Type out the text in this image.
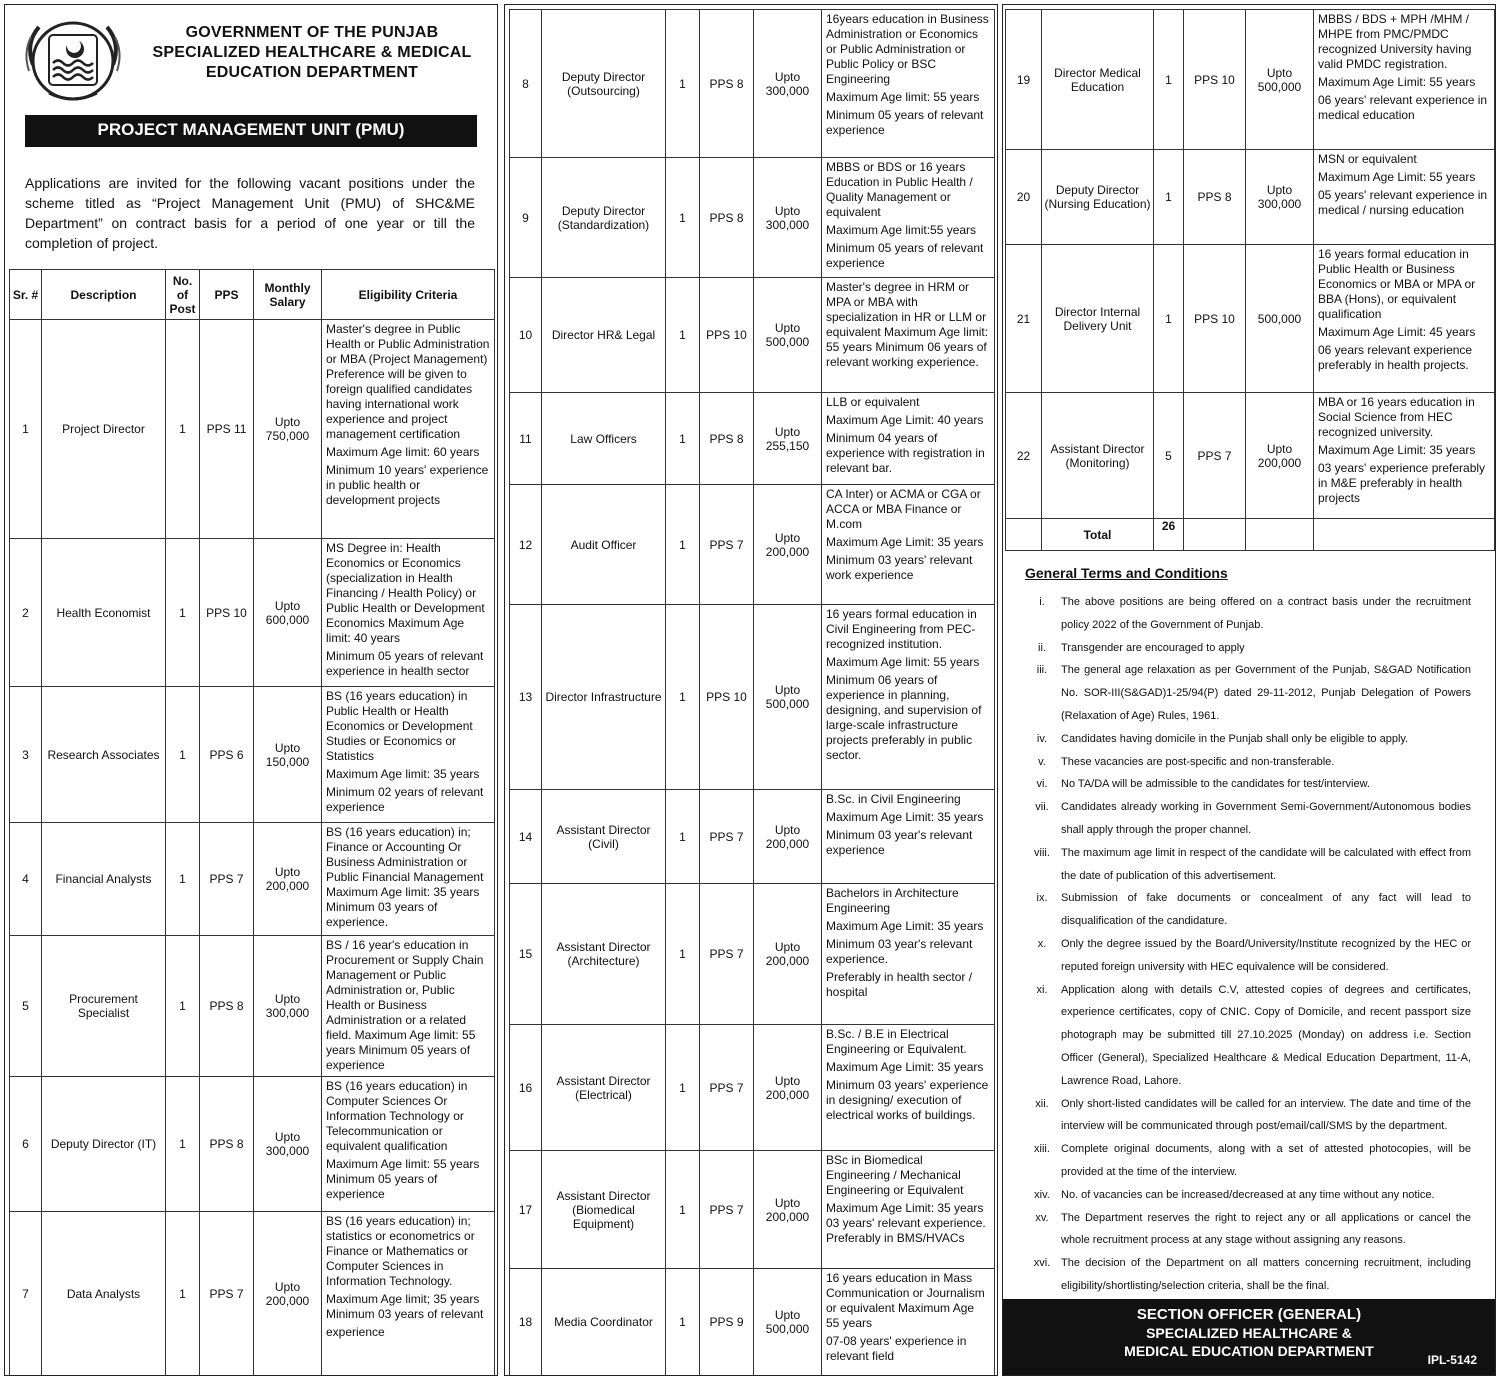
GOVERNMENT OF THE PUNJAB
SPECIALIZED HEALTHCARE & MEDICAL
EDUCATION DEPARTMENT
PROJECT MANAGEMENT UNIT (PMU)
Applications are invited for the following vacant positions under the scheme titled as “Project Management Unit (PMU) of SHC&ME Department” on contract basis for a period of one year or till the completion of project.
Sr. #	Description	No. of Post	PPS	Monthly Salary	Eligibility Criteria
1	Project Director	1	PPS 11	Upto 750,000	Master's degree in Public Health or Public Administration or MBA (Project Management) Preference will be given to foreign qualified candidates having international work experience and project management certification
Maximum Age limit: 60 years
Minimum 10 years' experience in public health or development projects

2	Health Economist	1	PPS 10	Upto 600,000	MS Degree in: Health Economics or Economics (specialization in Health Financing / Health Policy) or Public Health or Development Economics Maximum Age limit: 40 years
Minimum 05 years of relevant experience in health sector

3	Research Associates	1	PPS 6	Upto 150,000	BS (16 years education) in Public Health or Health Economics or Development Studies or Economics or Statistics
Maximum Age limit: 35 years
Minimum 02 years of relevant experience

4	Financial Analysts	1	PPS 7	Upto 200,000	BS (16 years education) in; Finance or Accounting Or Business Administration or Public Financial Management Maximum Age limit: 35 years Minimum 03 years of experience.

5	Procurement Specialist	1	PPS 8	Upto 300,000	BS / 16 year's education in Procurement or Supply Chain Management or Public Administration or, Public Health or Business Administration or a related field. Maximum Age limit: 55 years Minimum 05 years of experience

6	Deputy Director (IT)	1	PPS 8	Upto 300,000	BS (16 years education) in Computer Sciences Or Information Technology or Telecommunication or equivalent qualification
Maximum Age limit: 55 years Minimum 05 years of experience

7	Data Analysts	1	PPS 7	Upto 200,000	BS (16 years education) in; statistics or econometrics or Finance or Mathematics or Computer Sciences in Information Technology.
Maximum Age limit; 35 years Minimum 03 years of relevant
experience
8	Deputy Director (Outsourcing)	1	PPS 8	Upto 300,000	16years education in Business Administration or Economics or Public Administration or Public Policy or BSC Engineering
Maximum Age limit: 55 years
Minimum 05 years of relevant experience

9	Deputy Director (Standardization)	1	PPS 8	Upto 300,000	MBBS or BDS or 16 years Education in Public Health / Quality Management or equivalent
Maximum Age limit:55 years
Minimum 05 years of relevant experience

10	Director HR& Legal	1	PPS 10	Upto 500,000	Master's degree in HRM or MPA or MBA with specialization in HR or LLM or equivalent Maximum Age limit: 55 years Minimum 06 years of relevant working experience.

11	Law Officers	1	PPS 8	Upto 255,150	LLB or equivalent
Maximum Age Limit: 40 years
Minimum 04 years of experience with registration in relevant bar.

12	Audit Officer	1	PPS 7	Upto 200,000	CA Inter) or ACMA or CGA or ACCA or MBA Finance or M.com
Maximum Age Limit: 35 years
Minimum 03 years' relevant work experience

13	Director Infrastructure	1	PPS 10	Upto 500,000	16 years formal education in Civil Engineering from PEC-recognized institution.
Maximum Age limit: 55 years
Minimum 06 years of experience in planning, designing, and supervision of large-scale infrastructure projects preferably in public sector.

14	Assistant Director (Civil)	1	PPS 7	Upto 200,000	B.Sc. in Civil Engineering
Maximum Age Limit: 35 years
Minimum 03 year's relevant experience

15	Assistant Director (Architecture)	1	PPS 7	Upto 200,000	Bachelors in Architecture Engineering
Maximum Age Limit: 35 years
Minimum 03 year's relevant experience.
Preferably in health sector / hospital

16	Assistant Director (Electrical)	1	PPS 7	Upto 200,000	B.Sc. / B.E in Electrical Engineering or Equivalent.
Maximum Age Limit: 35 years
Minimum 03 years' experience in designing/ execution of electrical works of buildings.

17	Assistant Director (Biomedical Equipment)	1	PPS 7	Upto 200,000	BSc in Biomedical Engineering / Mechanical Engineering or Equivalent
Maximum Age Limit: 35 years 03 years' relevant experience. Preferably in BMS/HVACs

18	Media Coordinator	1	PPS 9	Upto 500,000	16 years education in Mass Communication or Journalism or equivalent Maximum Age 55 years
07-08 years' experience in relevant field
19	Director Medical Education	1	PPS 10	Upto 500,000	MBBS / BDS + MPH /MHM / MHPE from PMC/PMDC recognized University having valid PMDC registration.
Maximum Age Limit: 55 years
06 years' relevant experience in medical education

20	Deputy Director (Nursing Education)	1	PPS 8	Upto 300,000	MSN or equivalent
Maximum Age Limit: 55 years
05 years' relevant experience in medical / nursing education

21	Director Internal Delivery Unit	1	PPS 10	500,000	16 years formal education in Public Health or Business Economics or MBA or MPA or BBA (Hons), or equivalent qualification
Maximum Age Limit: 45 years
06 years relevant experience preferably in health projects.

22	Assistant Director (Monitoring)	5	PPS 7	Upto 200,000	MBA or 16 years education in Social Science from HEC recognized university.
Maximum Age Limit: 35 years
03 years' experience preferably in M&E preferably in health projects

	Total	26			
General Terms and Conditions
i.	The above positions are being offered on a contract basis under the recruitment policy 2022 of the Government of Punjab.
ii.	Transgender are encouraged to apply
iii.	The general age relaxation as per Government of the Punjab, S&GAD Notification No. SOR-III(S&GAD)1-25/94(P) dated 29-11-2012, Punjab Delegation of Powers (Relaxation of Age) Rules, 1961.
iv.	Candidates having domicile in the Punjab shall only be eligible to apply.
v.	These vacancies are post-specific and non-transferable.
vi.	No TA/DA will be admissible to the candidates for test/interview.
vii.	Candidates already working in Government Semi-Government/Autonomous bodies shall apply through the proper channel.
viii.	The maximum age limit in respect of the candidate will be calculated with effect from the date of publication of this advertisement.
ix.	Submission of fake documents or concealment of any fact will lead to disqualification of the candidature.
x.	Only the degree issued by the Board/University/Institute recognized by the HEC or reputed foreign university with HEC equivalence will be considered.
xi.	Application along with details C.V, attested copies of degrees and certificates, experience certificates, copy of CNIC. Copy of Domicile, and recent passport size photograph may be submitted till 27.10.2025 (Monday) on address i.e. Section Officer (General), Specialized Healthcare & Medical Education Department, 11-A, Lawrence Road, Lahore.
xii.	Only short-listed candidates will be called for an interview. The date and time of the interview will be communicated through post/email/call/SMS by the department.
xiii.	Complete original documents, along with a set of attested photocopies, will be provided at the time of the interview.
xiv.	No. of vacancies can be increased/decreased at any time without any notice.
xv.	The Department reserves the right to reject any or all applications or cancel the whole recruitment process at any stage without assigning any reasons.
xvi. The decision of the Department on all matters concerning recruitment, including eligibility/shortlisting/selection criteria, shall be the final.
SECTION OFFICER (GENERAL)
SPECIALIZED HEALTHCARE &
MEDICAL EDUCATION DEPARTMENT
IPL-5142
